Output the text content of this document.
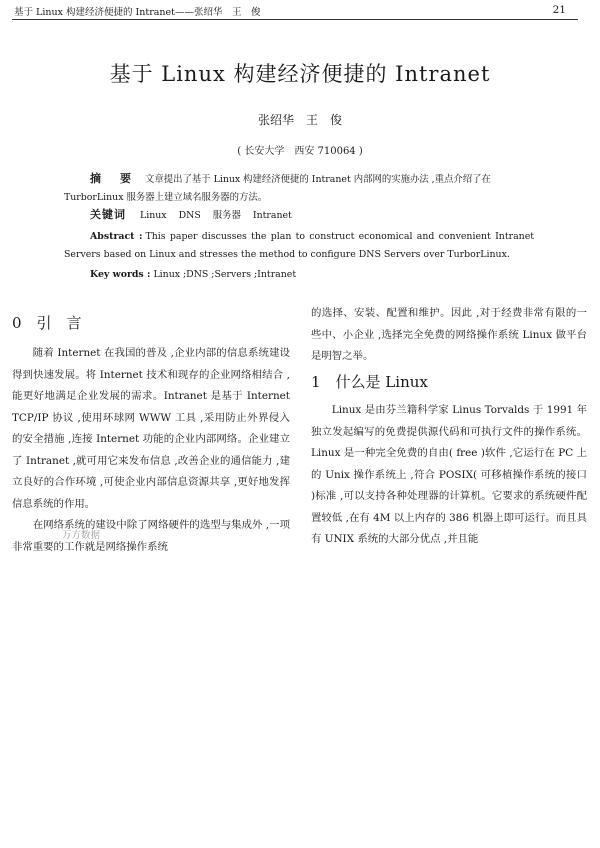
基于 Linux 构建经济便捷的 Intranet——张绍华　王　俊	21
基于 Linux 构建经济便捷的 Intranet
张绍华　王　俊
( 长安大学　西安 710064 )
摘　要 文章提出了基于 Linux 构建经济便捷的 Intranet 内部网的实施办法 ,重点介绍了在 TurborLinux 服务器上建立域名服务器的方法。
关键词 Linux DNS 服务器 Intranet
Abstract : This paper discusses the plan to construct economical and convenient Intranet Servers based on Linux and stresses the method to configure DNS Servers over TurborLinux.
Key words : Linux ;DNS ;Servers ;Intranet
0　引　言

随着 Internet 在我国的普及 ,企业内部的信息系统建设得到快速发展。将 Internet 技术和现存的企业网络相结合 ,能更好地满足企业发展的需求。Intranet 是基于 Internet TCP/IP 协议 ,使用环球网 WWW 工具 ,采用防止外界侵入的安全措施 ,连接 Internet 功能的企业内部网络。企业建立了 Intranet ,就可用它来发布信息 ,改善企业的通信能力 ,建立良好的合作环境 ,可使企业内部信息资源共享 ,更好地发挥信息系统的作用。

在网络系统的建设中除了网络硬件的选型与集成外 ,一项非常重要的工作就是网络操作系统

的选择、安装、配置和维护。因此 ,对于经费非常有限的一些中、小企业 ,选择完全免费的网络操作系统 Linux 做平台是明智之举。

1　什么是 Linux

Linux 是由芬兰籍科学家 Linus Torvalds 于 1991 年独立发起编写的免费提供源代码和可执行文件的操作系统。Linux 是一种完全免费的自由( free )软件 ,它运行在 PC 上的 Unix 操作系统上 ,符合 POSIX( 可移植操作系统的接口 )标准 ,可以支持各种处理器的计算机。它要求的系统硬件配置较低 ,在有 4M 以上内存的 386 机器上即可运行。而且具有 UNIX 系统的大部分优点 ,并且能

万方数据
